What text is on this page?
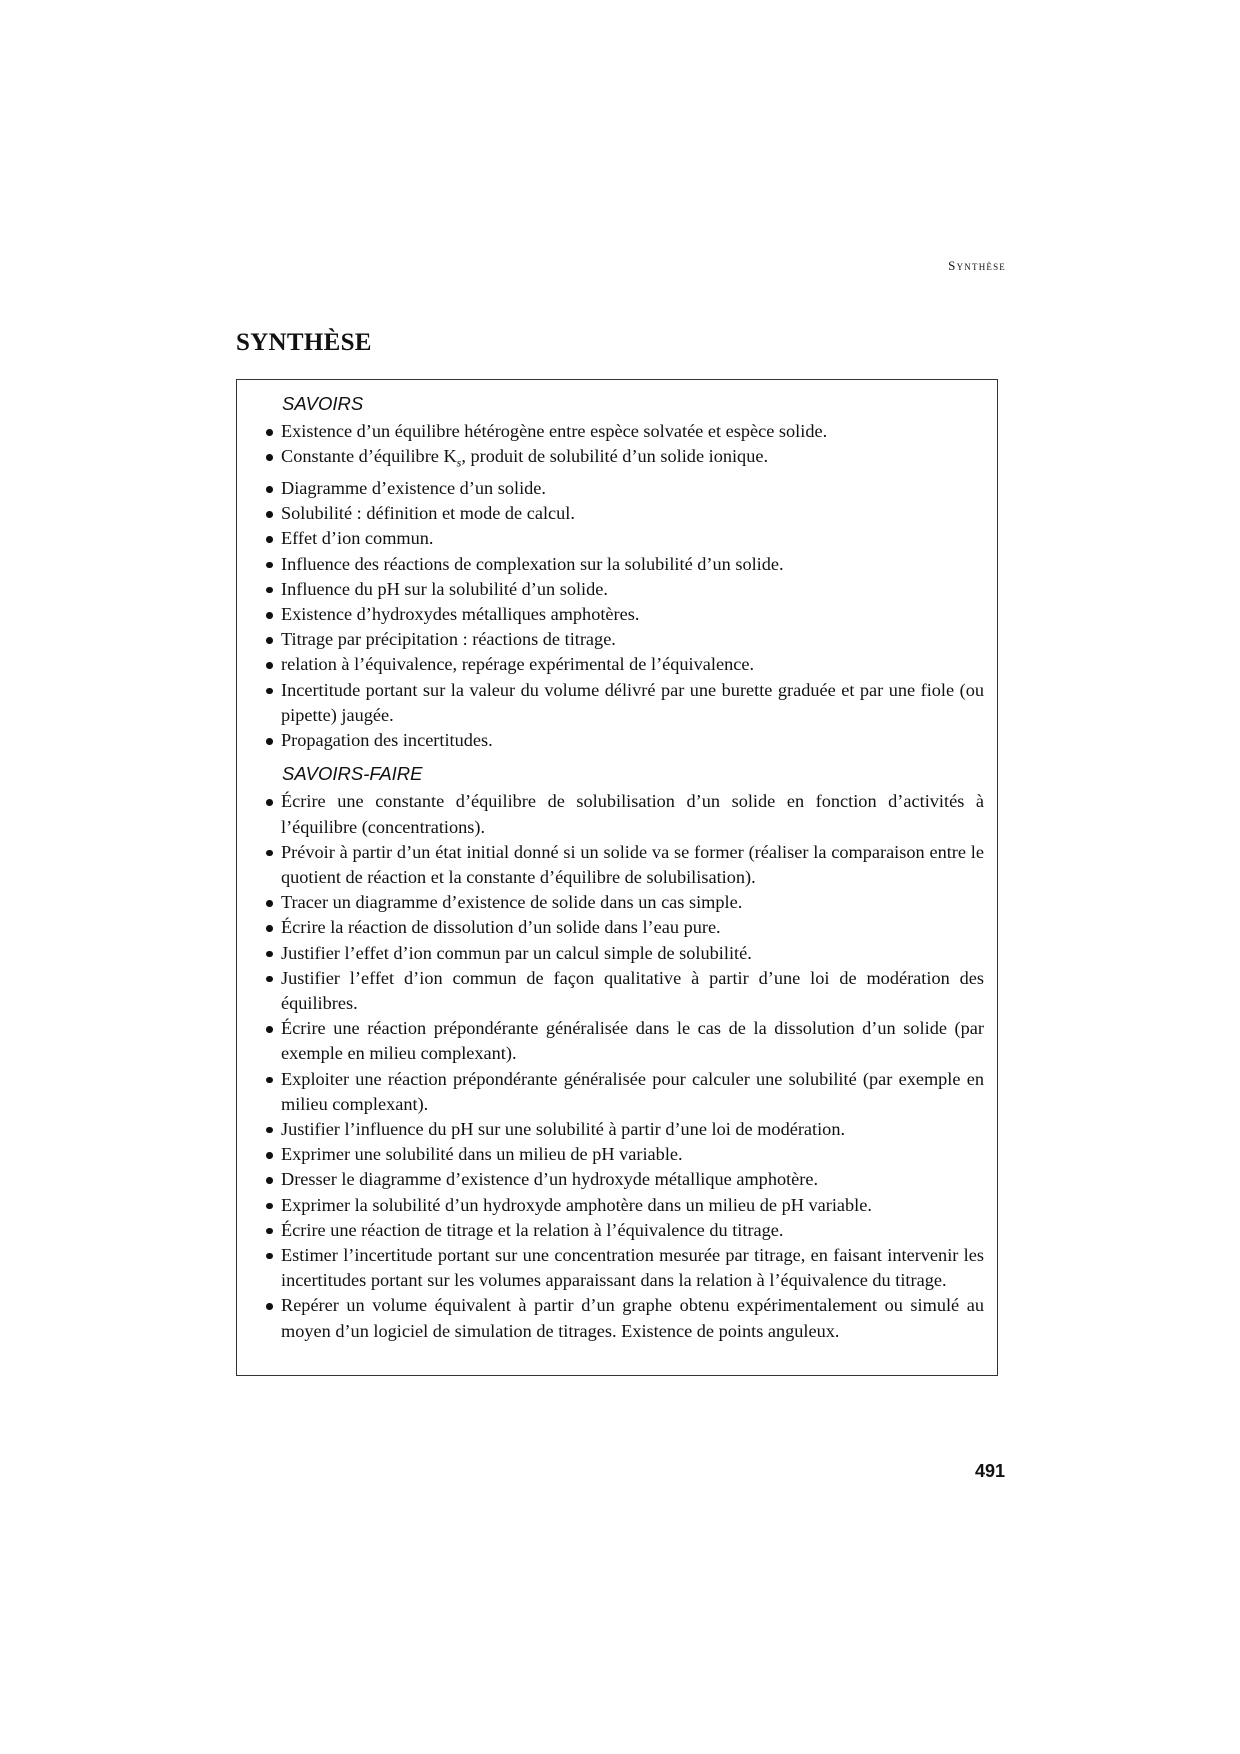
Synthèse
SYNTHÈSE
SAVOIRS
Existence d’un équilibre hétérogène entre espèce solvatée et espèce solide.
Constante d’équilibre $K_s$, produit de solubilité d’un solide ionique.
Diagramme d’existence d’un solide.
Solubilité : définition et mode de calcul.
Effet d’ion commun.
Influence des réactions de complexation sur la solubilité d’un solide.
Influence du pH sur la solubilité d’un solide.
Existence d’hydroxydes métalliques amphotères.
Titrage par précipitation : réactions de titrage.
relation à l’équivalence, repérage expérimental de l’équivalence.
Incertitude portant sur la valeur du volume délivré par une burette graduée et par une fiole (ou pipette) jaugée.
Propagation des incertitudes.
SAVOIRS-FAIRE
Écrire une constante d’équilibre de solubilisation d’un solide en fonction d’activités à l’équilibre (concentrations).
Prévoir à partir d’un état initial donné si un solide va se former (réaliser la comparaison entre le quotient de réaction et la constante d’équilibre de solubilisation).
Tracer un diagramme d’existence de solide dans un cas simple.
Écrire la réaction de dissolution d’un solide dans l’eau pure.
Justifier l’effet d’ion commun par un calcul simple de solubilité.
Justifier l’effet d’ion commun de façon qualitative à partir d’une loi de modération des équilibres.
Écrire une réaction prépondérante généralisée dans le cas de la dissolution d’un solide (par exemple en milieu complexant).
Exploiter une réaction prépondérante généralisée pour calculer une solubilité (par exemple en milieu complexant).
Justifier l’influence du pH sur une solubilité à partir d’une loi de modération.
Exprimer une solubilité dans un milieu de pH variable.
Dresser le diagramme d’existence d’un hydroxyde métallique amphotère.
Exprimer la solubilité d’un hydroxyde amphotère dans un milieu de pH variable.
Écrire une réaction de titrage et la relation à l’équivalence du titrage.
Estimer l’incertitude portant sur une concentration mesurée par titrage, en faisant intervenir les incertitudes portant sur les volumes apparaissant dans la relation à l’équivalence du titrage.
Repérer un volume équivalent à partir d’un graphe obtenu expérimentalement ou simulé au moyen d’un logiciel de simulation de titrages. Existence de points anguleux.
491
